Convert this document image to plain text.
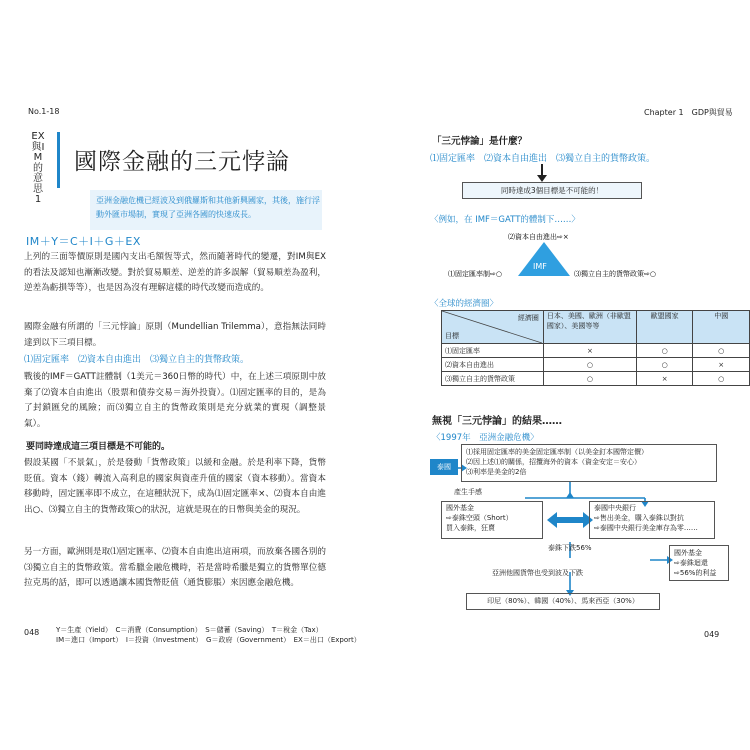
No.1-18
EX與IM的意思1
國際金融的三元悖論
亞洲金融危機已經波及到俄羅斯和其他新興國家，其後，施行浮動外匯市場制，實現了亞洲各國的快速成長。
IM＋Y＝C＋I＋G＋EX
上列的三面等價原則是國內支出毛額恆等式，然而隨著時代的變遷，對IM與EX的看法及認知也漸漸改變。對於貿易順差、逆差的許多誤解（貿易順差為盈利，逆差為虧損等等），也是因為沒有理解這樣的時代改變而造成的。
國際金融有所謂的「三元悖論」原則（Mundellian Trilemma），意指無法同時達到以下三項目標。
⑴固定匯率　⑵資本自由進出　⑶獨立自主的貨幣政策。
戰後的IMF＝GATT註體制（1美元＝360日幣的時代）中，在上述三項原則中放棄了⑵資本自由進出（股票和債券交易＝海外投資）。⑴固定匯率的目的，是為了封鎖匯兌的風險；而⑶獨立自主的貨幣政策則是充分就業的實現（調整景氣）。
要同時達成這三項目標是不可能的。
假設某國「不景氣」，於是發動「貨幣政策」以緩和金融。於是利率下降，貨幣貶值。資本（錢）轉流入高利息的國家與資產升值的國家（資本移動）。當資本移動時，固定匯率即不成立，在這種狀況下，成為⑴固定匯率×、⑵資本自由進出○、⑶獨立自主的貨幣政策○的狀況，這就是現在的日幣與美金的現況。
另一方面，歐洲則是取⑴固定匯率、⑵資本自由進出這兩項，而放棄各國各別的⑶獨立自主的貨幣政策。當希臘金融危機時，若是當時希臘是獨立的貨幣單位德拉克馬的話，即可以透過讓本國貨幣貶值（通貨膨脹）來因應金融危機。
048 Y＝生產（Yield）　C＝消費（Consumption）　S＝儲蓄（Saving）　T＝稅金（Tax）
IM＝進口（Import）　I＝投資（Investment）　G＝政府（Government）　EX＝出口（Export）
Chapter 1　GDP與貿易
049
「三元悖論」是什麼？
⑴固定匯率　⑵資本自由進出　⑶獨立自主的貨幣政策。
同時達成3個目標是不可能的！
〈例如，在 IMF＝GATT的體制下……〉
⑵資本自由進出⇨×
IMF
⑴固定匯率制⇨○	⑶獨立自主的貨幣政策⇨○
〈全球的經濟圈〉
經濟圈
目標	日本、美國、歐洲（非歐盟國家）、美國等等	歐盟國家	中國
⑴固定匯率	×	○	○
⑵資本自由進出	○	○	×
⑶獨立自主的貨幣政策	○	×	○
無視「三元悖論」的結果……
〈1997年　亞洲金融危機〉
泰國
⑴採用固定匯率的美金固定匯率制（以美金釘本國幣定價）
⑵因上述⑴的關係，招攬海外的資本（資金安定＝安心）
⑶利率是美金的2倍
產生手感
國外基金
⇨泰銖空頭（Short）
買入泰銖，狂賣
泰國中央銀行
⇨售出美金，購入泰銖以對抗
⇨泰國中央銀行美金庫存為零……
泰銖下跌56%
國外基金
⇨泰銖迴還
⇨56%的利益
亞洲他國貨幣也受到波及下跌
印尼（80%）、韓國（40%）、馬來西亞（30%）
